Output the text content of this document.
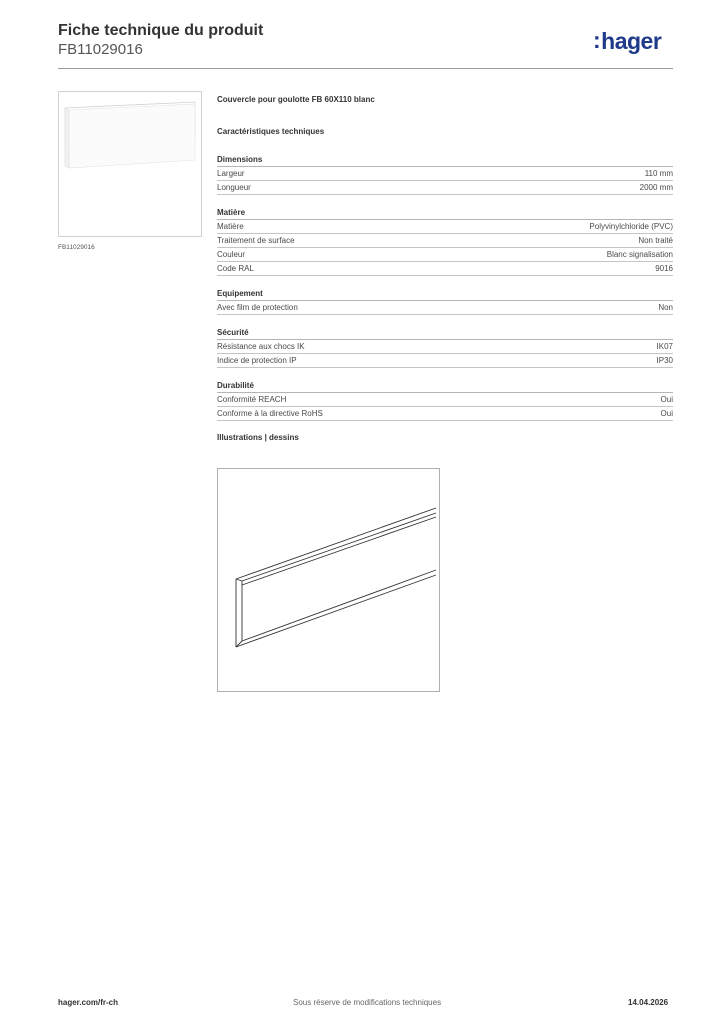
Fiche technique du produit
FB11029016	:hager
FB11029016
Couvercle pour goulotte FB 60X110 blanc
Caractéristiques techniques
Dimensions
Largeur	110 mm
Longueur	2000 mm
Matière
Matière	Polyvinylchloride (PVC)
Traitement de surface	Non traité
Couleur	Blanc signalisation
Code RAL	9016
Equipement
Avec film de protection	Non
Sécurité
Résistance aux chocs IK	IK07
Indice de protection IP	IP30
Durabilité
Conformité REACH	Oui
Conforme à la directive RoHS	Oui
Illustrations | dessins
hager.com/fr-ch	Sous réserve de modifications techniques	14.04.2026
